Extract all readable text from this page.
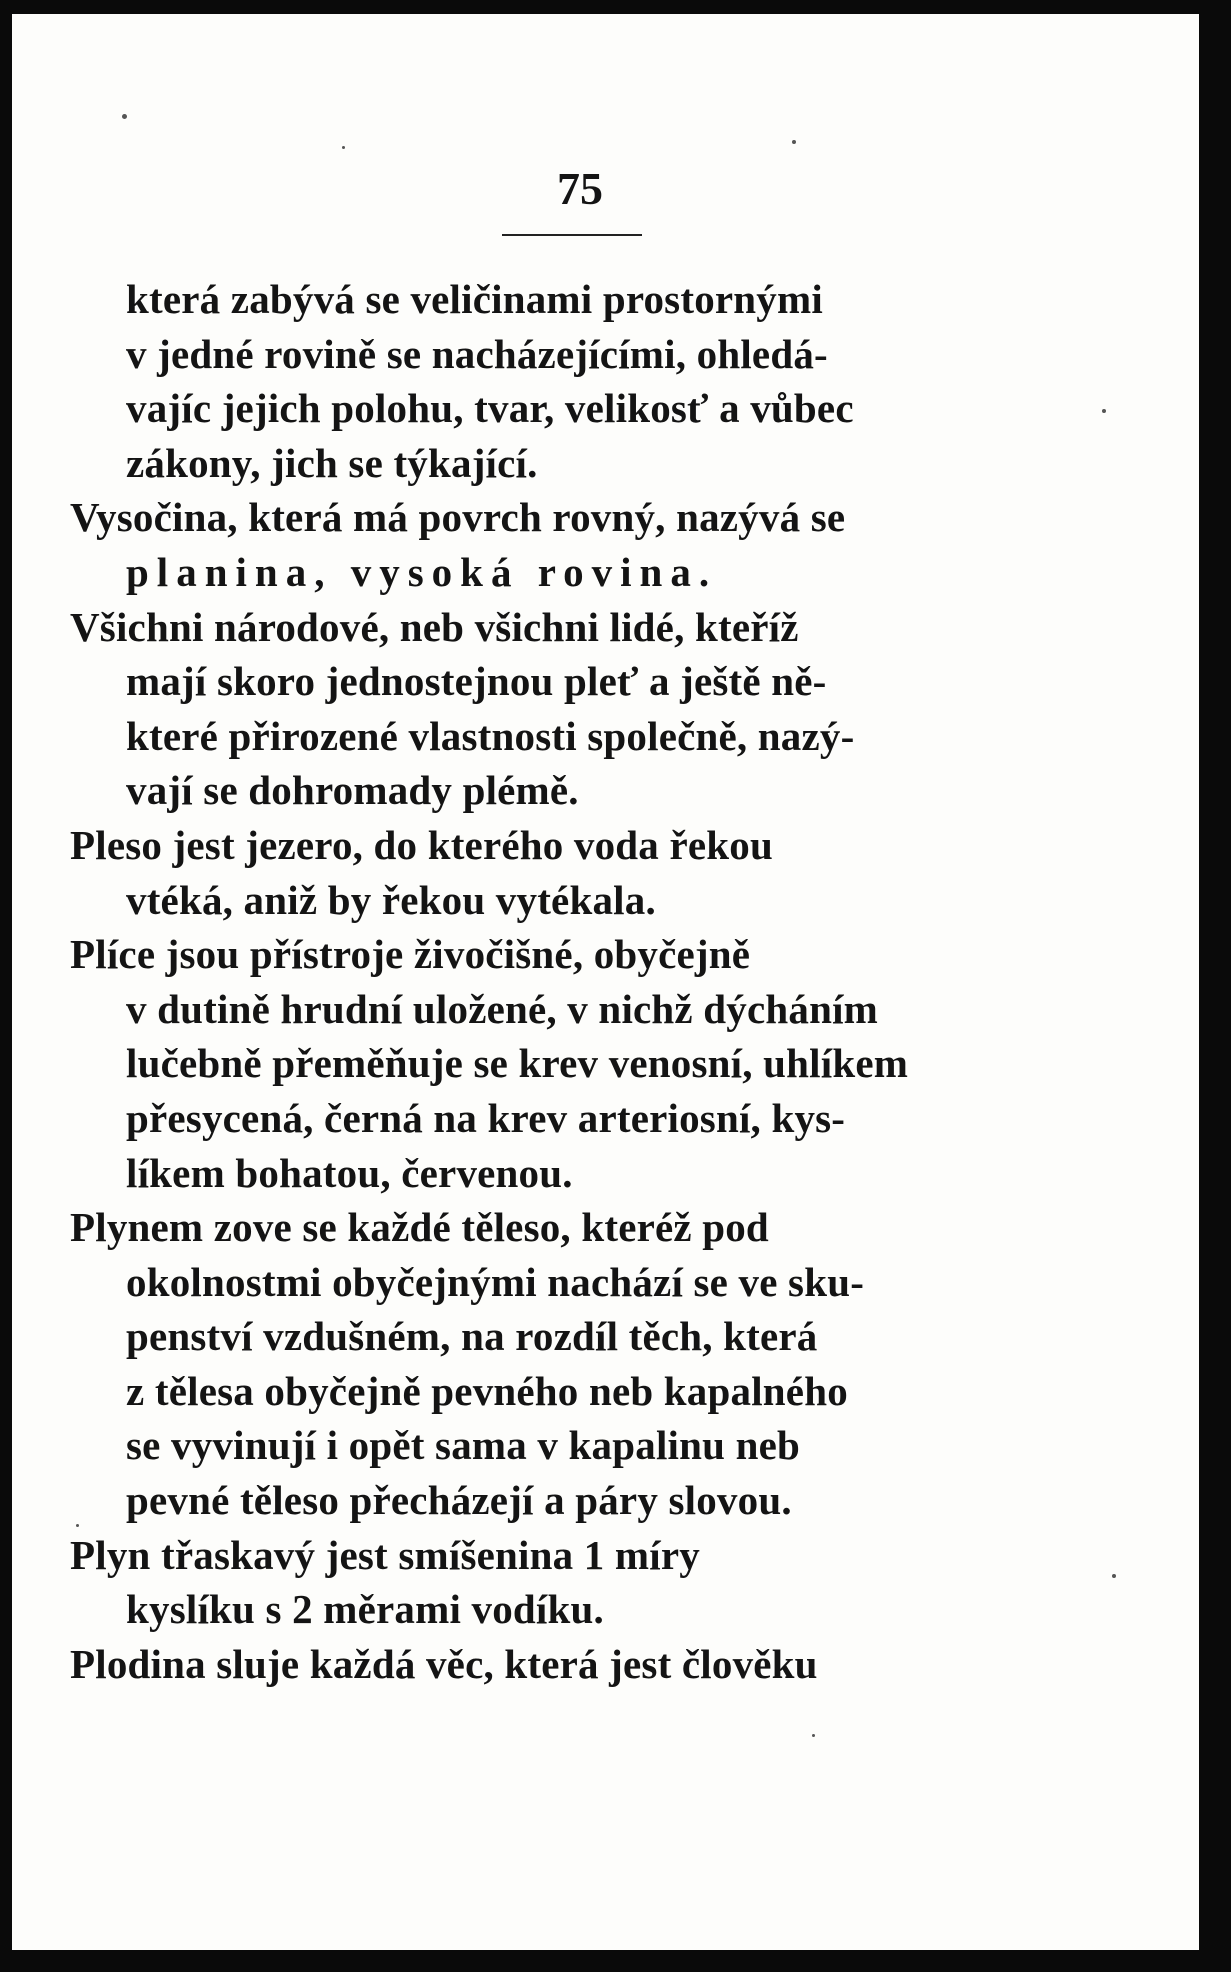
75
která zabývá se veličinami prostornými
v jedné rovině se nacházejícími, ohledá-
vajíc jejich polohu, tvar, velikosť a vůbec
zákony, jich se týkající.
Vysočina, která má povrch rovný, nazývá se
planina, vysoká rovina.
Všichni národové, neb všichni lidé, kteříž
mají skoro jednostejnou pleť a ještě ně-
které přirozené vlastnosti společně, nazý-
vají se dohromady plémě.
Pleso jest jezero, do kterého voda řekou
vtéká, aniž by řekou vytékala.
Plíce jsou přístroje živočišné, obyčejně
v dutině hrudní uložené, v nichž dýcháním
lučebně přeměňuje se krev venosní, uhlíkem
přesycená, černá na krev arteriosní, kys-
líkem bohatou, červenou.
Plynem zove se každé těleso, kteréž pod
okolnostmi obyčejnými nachází se ve sku-
penství vzdušném, na rozdíl těch, která
z tělesa obyčejně pevného neb kapalného
se vyvinují i opět sama v kapalinu neb
pevné těleso přecházejí a páry slovou.
Plyn třaskavý jest smíšenina 1 míry
kyslíku s 2 měrami vodíku.
Plodina sluje každá věc, která jest člověku
